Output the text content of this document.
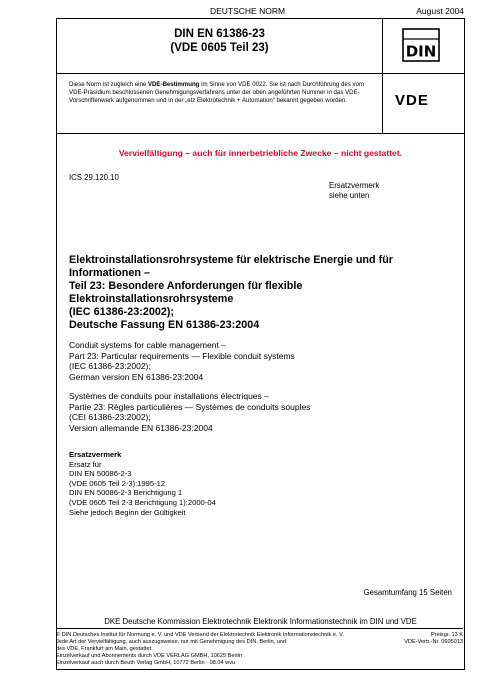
DEUTSCHE NORM	August 2004
DIN EN 61386-23
(VDE 0605 Teil 23)	DIN
Diese Norm ist zugleich eine VDE-Bestimmung im Sinne von VDE 0022. Sie ist nach Durchführung des vom VDE-Präsidium beschlossenen Genehmigungsverfahrens unter der oben angeführten Nummer in das VDE-Vorschriftenwerk aufgenommen und in der „etz Elektrotechnik + Automation“ bekannt gegeben worden.	VDE
Vervielfältigung – auch für innerbetriebliche Zwecke – nicht gestattet.
ICS 29.120.10
Ersatzvermerk
siehe unten
Elektroinstallationsrohrsysteme für elektrische Energie und für
Informationen –
Teil 23: Besondere Anforderungen für flexible
Elektroinstallationsrohrsysteme
(IEC 61386-23:2002);
Deutsche Fassung EN 61386-23:2004
Conduit systems for cable management –
Part 23: Particular requirements — Flexible conduit systems
(IEC 61386-23:2002);
German version EN 61386-23:2004
Systèmes de conduits pour installations électriques –
Partie 23: Règles particulières — Systèmes de conduits souples
(CEI 61386-23:2002);
Version allemande EN 61386-23:2004
Ersatzvermerk
Ersatz für
DIN EN 50086-2-3
(VDE 0605 Teil 2-3):1995-12
DIN EN 50086-2-3 Berichtigung 1
(VDE 0605 Teil 2-3 Berichtigung 1):2000-04
Siehe jedoch Beginn der Gültigkeit
Gesamtumfang 15 Seiten
DKE Deutsche Kommission Elektrotechnik Elektronik Informationstechnik im DIN und VDE
© DIN Deutsches Institut für Normung e. V. und VDE Verband der Elektrotechnik Elektronik Informationstechnik e. V.
Jede Art der Vervielfältigung, auch auszugsweise, nur mit Genehmigung des DIN, Berlin, und
des VDE, Frankfurt am Main, gestattet.
Einzelverkauf und Abonnements durch VDE VERLAG GMBH, 10625 Berlin
Einzelverkauf auch durch Beuth Verlag GmbH, 10772 Berlin · 08.04 wvu
Preisgr. 13 K
VDE-Vertr.-Nr. 0605013
